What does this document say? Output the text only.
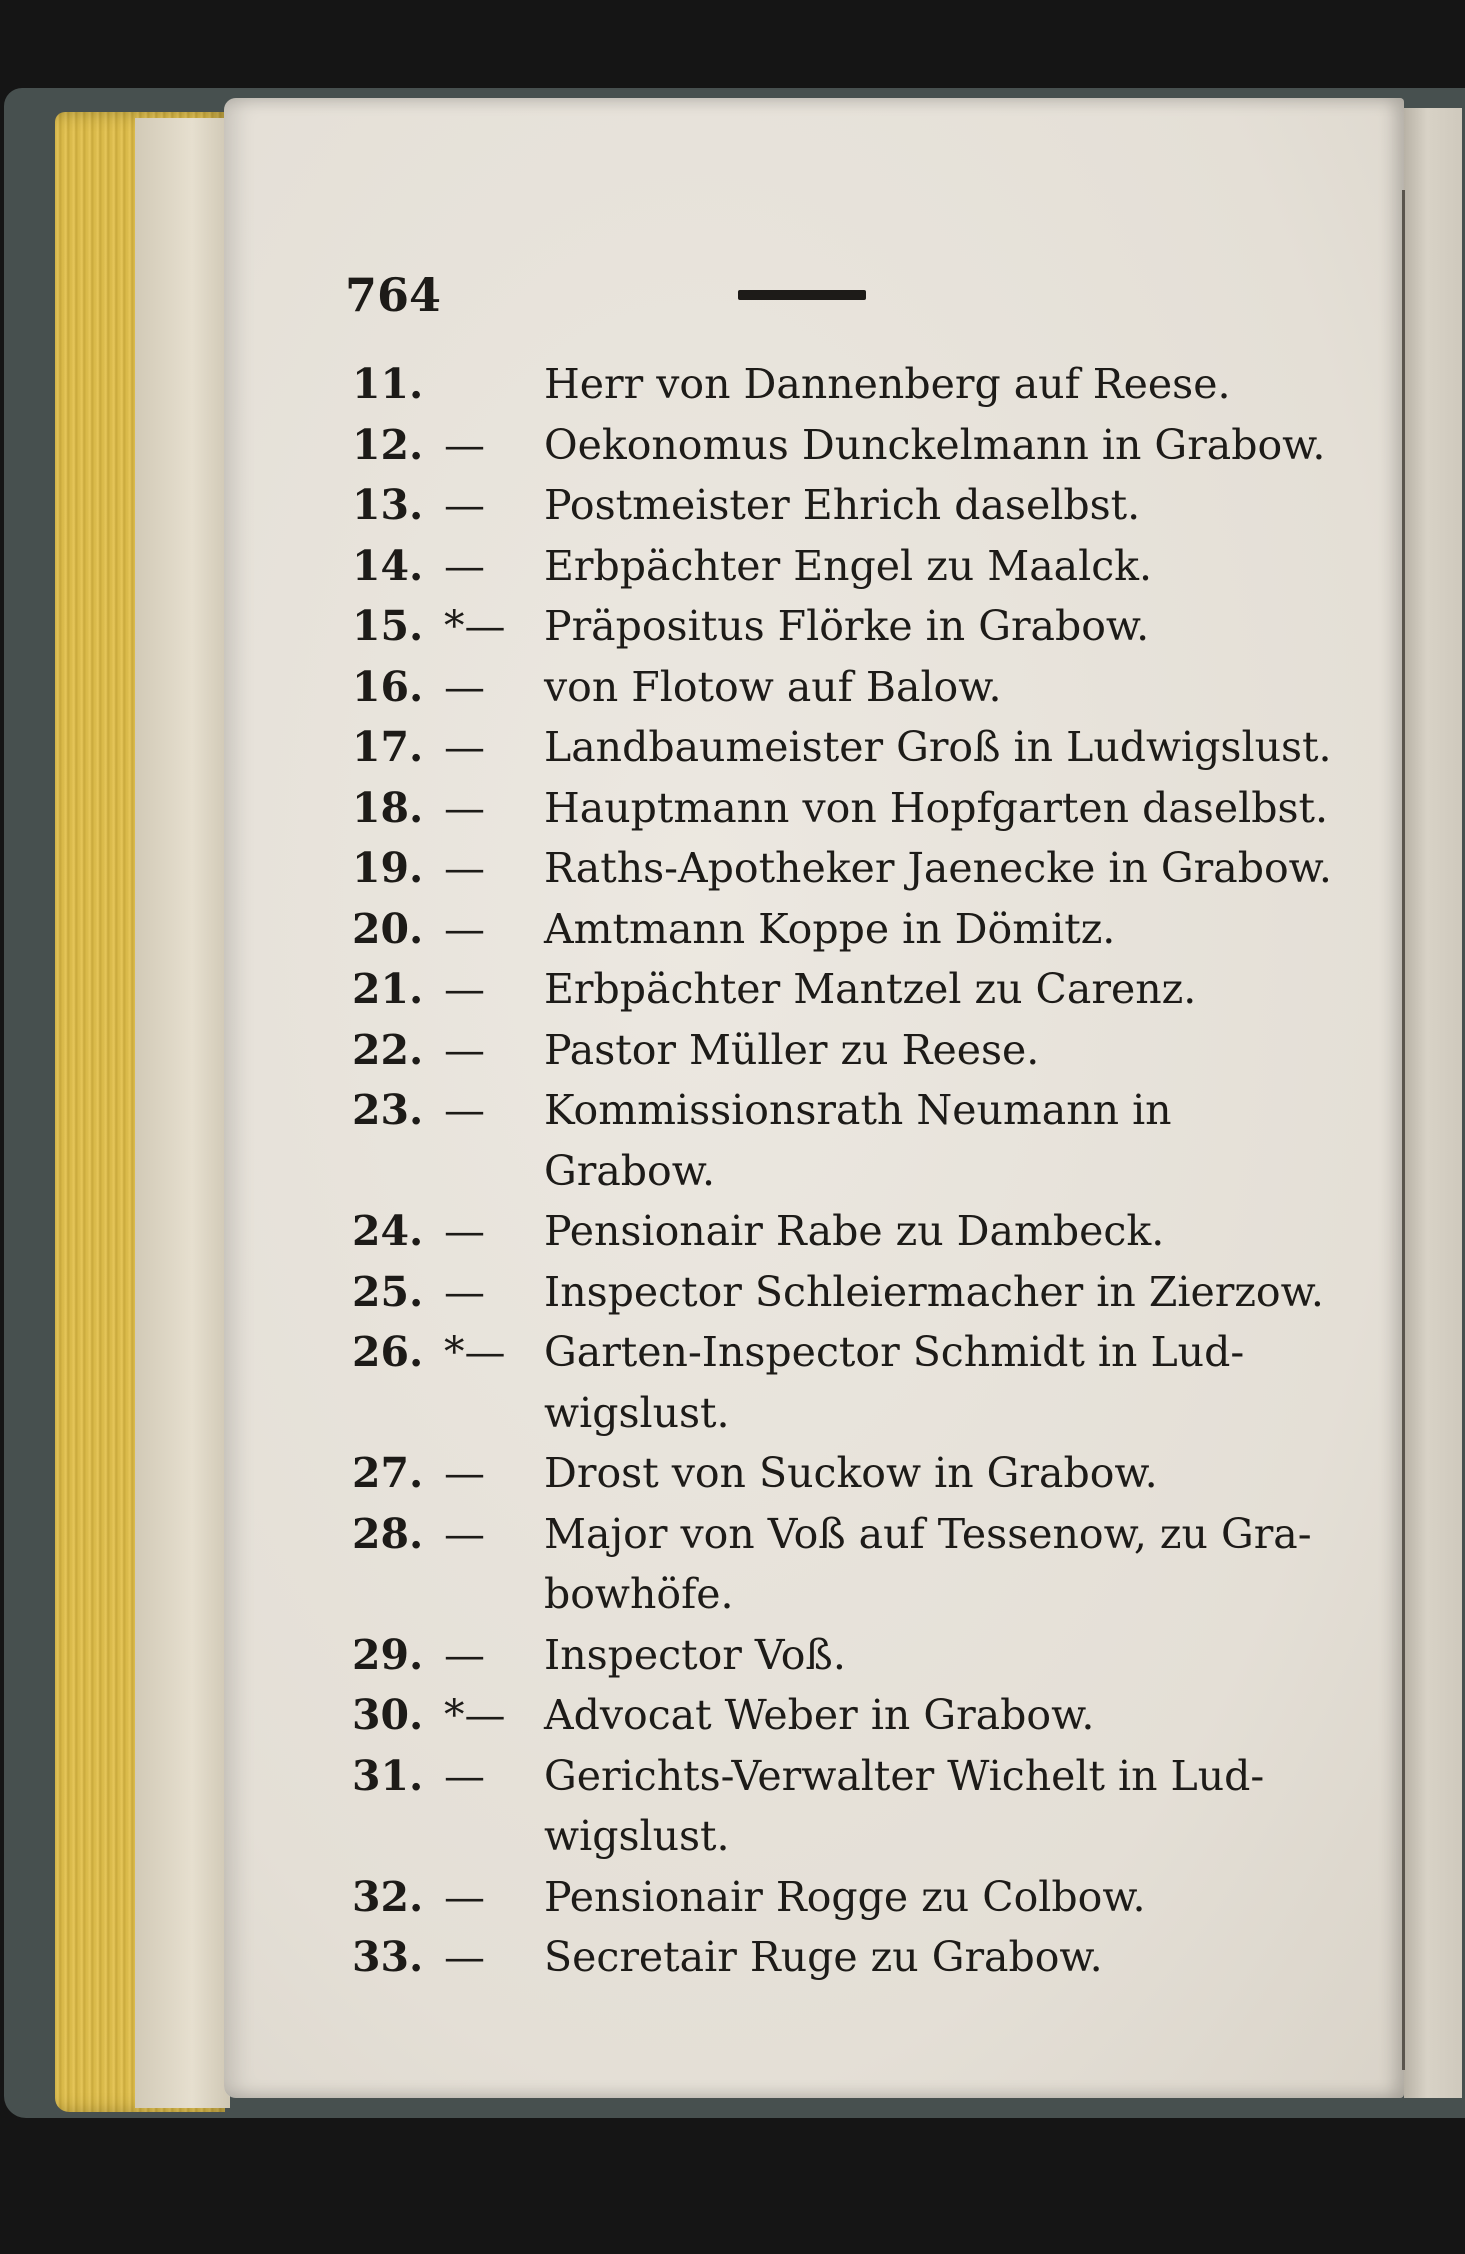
764
11.	Herr von Dannenberg auf Reese.
12. —	Oekonomus Dunckelmann in Grabow.
13. —	Postmeister Ehrich daselbst.
14. —	Erbpächter Engel zu Maalck.
15. *— Präpositus Flörke in Grabow.
16. —	von Flotow auf Balow.
17. —	Landbaumeister Groß in Ludwigslust.
18. —	Hauptmann von Hopfgarten daselbst.
19. —	Raths-Apotheker Jaenecke in Grabow.
20. —	Amtmann Koppe in Dömitz.
21. —	Erbpächter Mantzel zu Carenz.
22. —	Pastor Müller zu Reese.
23. —	Kommissionsrath Neumann in Grabow.
24. —	Pensionair Rabe zu Dambeck.
25. —	Inspector Schleiermacher in Zierzow.
26. *— Garten-Inspector Schmidt in Lud-
wigslust.
27. —	Drost von Suckow in Grabow.
28. —	Major von Voß auf Tessenow, zu Gra-
bowhöfe.
29. —	Inspector Voß.
30. *— Advocat Weber in Grabow.
31. —	Gerichts-Verwalter Wichelt in Lud-
wigslust.
32. —	Pensionair Rogge zu Colbow.
33. —	Secretair Ruge zu Grabow.
